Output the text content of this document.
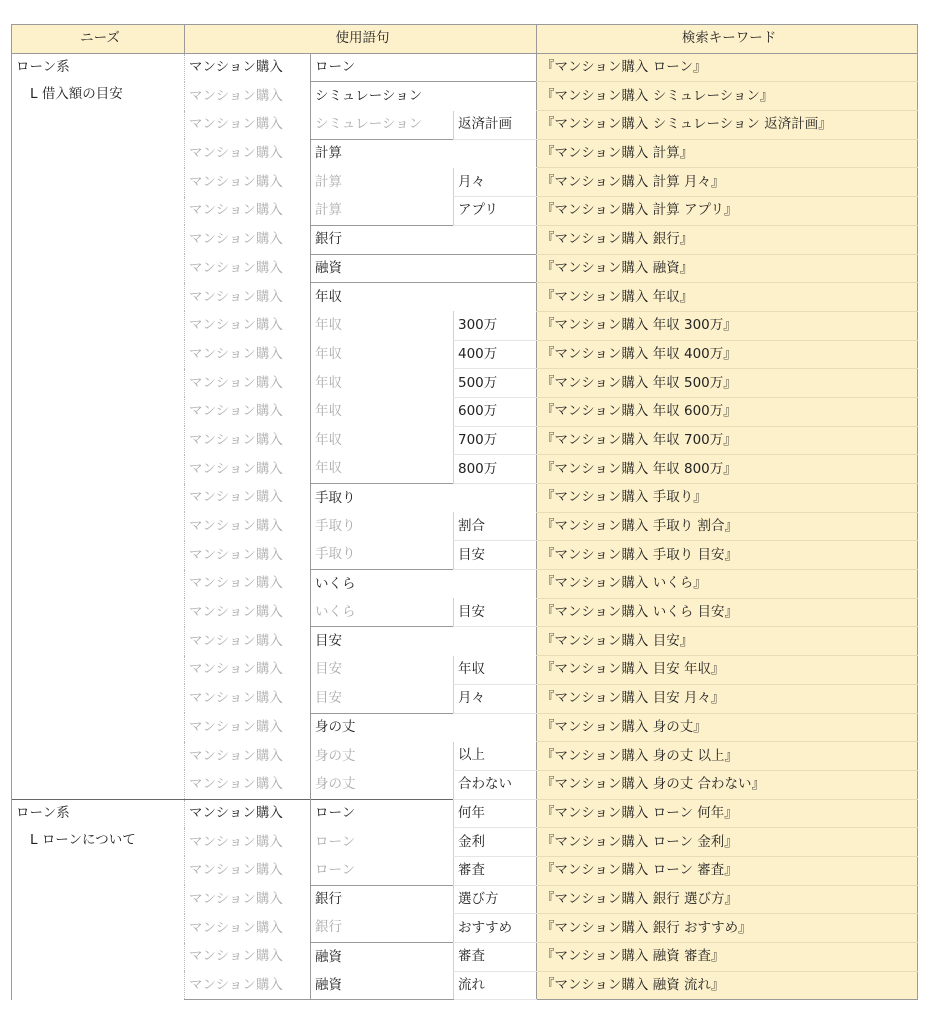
ニーズ	使用語句			検索キーワード

ローン系
L 借入額の目安	マンション購入	ローン		『マンション購入 ローン』
	マンション購入	シミュレーション		『マンション購入 シミュレーション』
	マンション購入	シミュレーション	返済計画	『マンション購入 シミュレーション 返済計画』
	マンション購入	計算		『マンション購入 計算』
	マンション購入	計算	月々	『マンション購入 計算 月々』
	マンション購入	計算	アプリ	『マンション購入 計算 アプリ』
	マンション購入	銀行		『マンション購入 銀行』
	マンション購入	融資		『マンション購入 融資』
	マンション購入	年収		『マンション購入 年収』
	マンション購入	年収	300万	『マンション購入 年収 300万』
	マンション購入	年収	400万	『マンション購入 年収 400万』
	マンション購入	年収	500万	『マンション購入 年収 500万』
	マンション購入	年収	600万	『マンション購入 年収 600万』
	マンション購入	年収	700万	『マンション購入 年収 700万』
	マンション購入	年収	800万	『マンション購入 年収 800万』
	マンション購入	手取り		『マンション購入 手取り』
	マンション購入	手取り	割合	『マンション購入 手取り 割合』
	マンション購入	手取り	目安	『マンション購入 手取り 目安』
	マンション購入	いくら		『マンション購入 いくら』
	マンション購入	いくら	目安	『マンション購入 いくら 目安』
	マンション購入	目安		『マンション購入 目安』
	マンション購入	目安	年収	『マンション購入 目安 年収』
	マンション購入	目安	月々	『マンション購入 目安 月々』
	マンション購入	身の丈		『マンション購入 身の丈』
	マンション購入	身の丈	以上	『マンション購入 身の丈 以上』
	マンション購入	身の丈	合わない	『マンション購入 身の丈 合わない』

ローン系
L ローンについて	マンション購入	ローン	何年	『マンション購入 ローン 何年』
	マンション購入	ローン	金利	『マンション購入 ローン 金利』
	マンション購入	ローン	審査	『マンション購入 ローン 審査』
	マンション購入	銀行	選び方	『マンション購入 銀行 選び方』
	マンション購入	銀行	おすすめ	『マンション購入 銀行 おすすめ』
	マンション購入	融資	審査	『マンション購入 融資 審査』
	マンション購入	融資	流れ	『マンション購入 融資 流れ』
